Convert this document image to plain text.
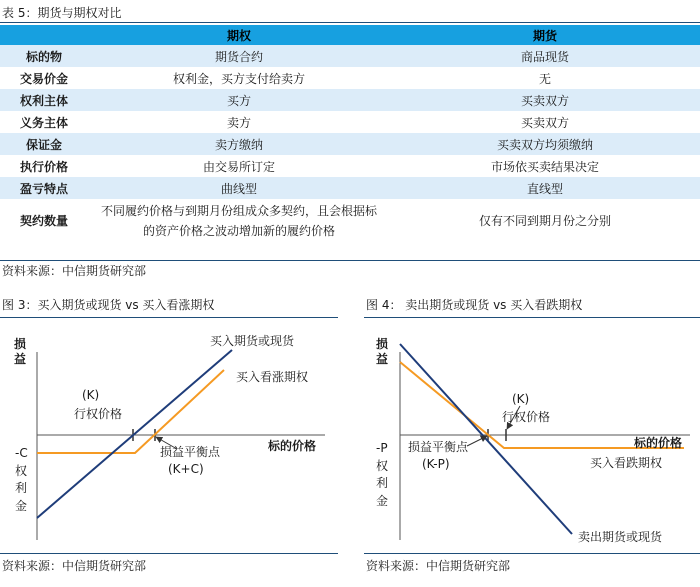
表 5：期货与期权对比
	期权	期货
标的物	期货合约	商品现货
交易价金	权利金，买方支付给卖方	无
权利主体	买方	买卖双方
义务主体	卖方	买卖双方
保证金	卖方缴纳	买卖双方均须缴纳
执行价格	由交易所订定	市场依买卖结果决定
盈亏特点	曲线型	直线型
契约数量	不同履约价格与到期月份组成众多契约，且会根据标
的资产价格之波动增加新的履约价格	仅有不同到期月份之分别
资料来源：中信期货研究部
图 3：买入期货或现货 vs 买入看涨期权
损
益
买入期货或现货
买入看涨期权
(K)
行权价格
标的价格
损益平衡点
(K+C)
-C
权
利
金
资料来源：中信期货研究部
图 4： 卖出期货或现货 vs 买入看跌期权
损
益
(K)
行权价格
标的价格
损益平衡点
(K-P)	买入看跌期权
卖出期货或现货
-P
权
利
金
资料来源：中信期货研究部
